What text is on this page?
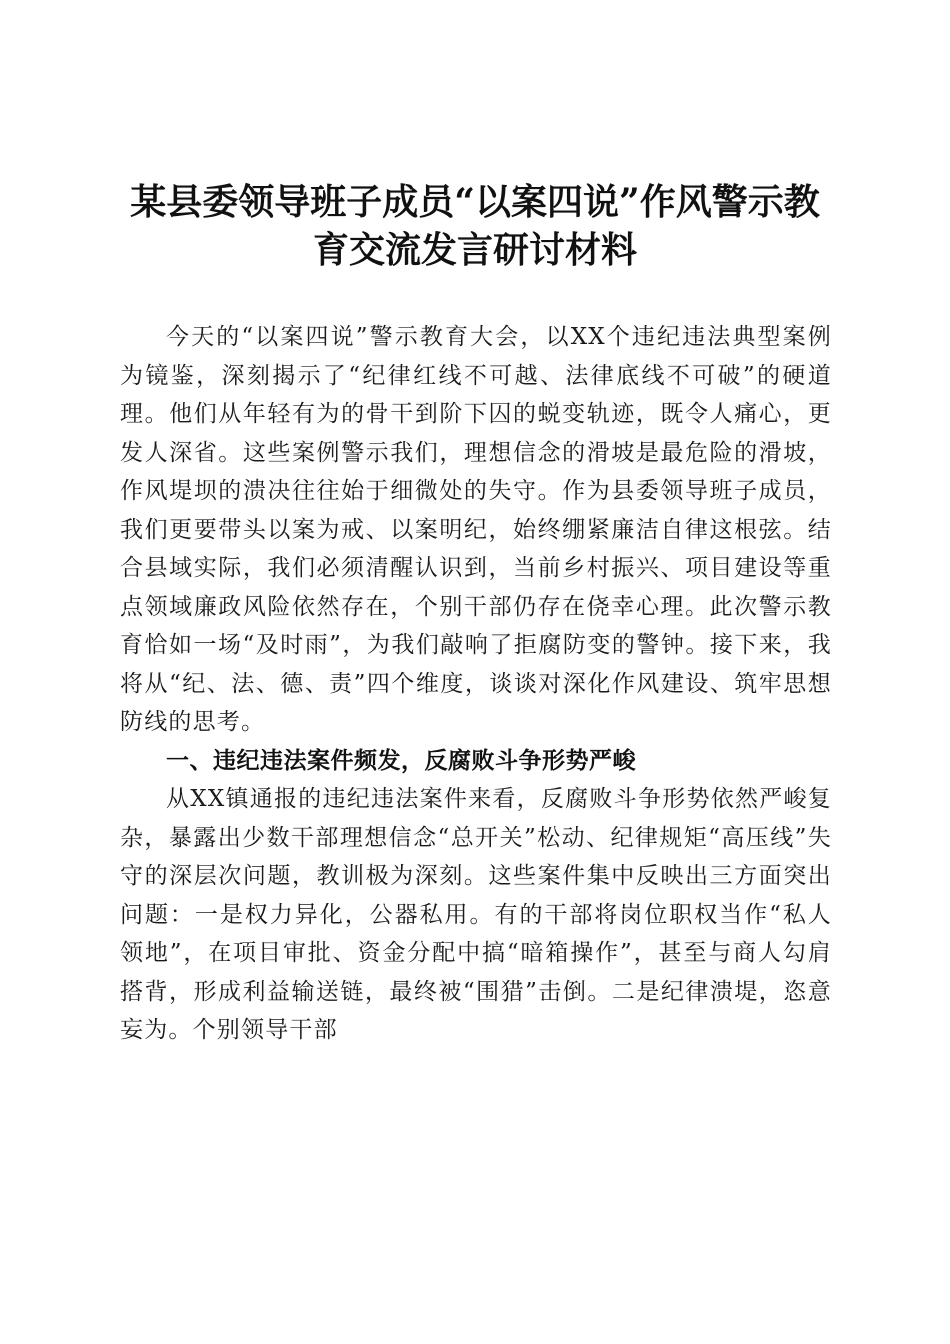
某县委领导班子成员“以案四说”作风警示教
育交流发言研讨材料

今天的“以案四说”警示教育大会，以XX个违纪违法典型案例为镜鉴，深刻揭示了“纪律红线不可越、法律底线不可破”的硬道理。他们从年轻有为的骨干到阶下囚的蜕变轨迹，既令人痛心，更发人深省。这些案例警示我们，理想信念的滑坡是最危险的滑坡，作风堤坝的溃决往往始于细微处的失守。作为县委领导班子成员，我们更要带头以案为戒、以案明纪，始终绷紧廉洁自律这根弦。结合县域实际，我们必须清醒认识到，当前乡村振兴、项目建设等重点领域廉政风险依然存在，个别干部仍存在侥幸心理。此次警示教育恰如一场“及时雨”，为我们敲响了拒腐防变的警钟。接下来，我将从“纪、法、德、责”四个维度，谈谈对深化作风建设、筑牢思想防线的思考。

一、违纪违法案件频发，反腐败斗争形势严峻

从XX镇通报的违纪违法案件来看，反腐败斗争形势依然严峻复杂，暴露出少数干部理想信念“总开关”松动、纪律规矩“高压线”失守的深层次问题，教训极为深刻。这些案件集中反映出三方面突出问题：一是权力异化，公器私用。有的干部将岗位职权当作“私人领地”，在项目审批、资金分配中搞“暗箱操作”，甚至与商人勾肩搭背，形成利益输送链，最终被“围猎”击倒。二是纪律溃堤，恣意妄为。个别领导干部
